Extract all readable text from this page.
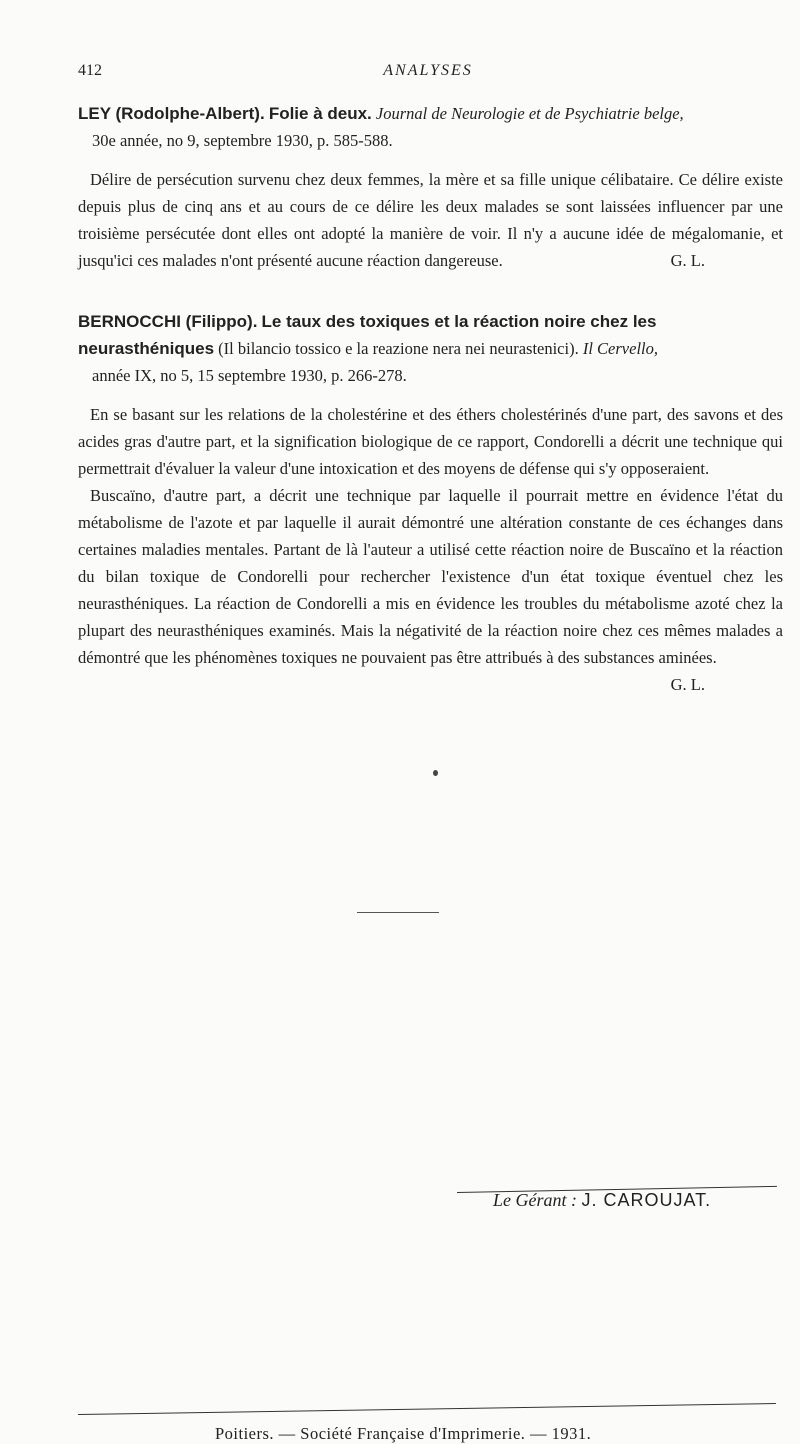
412	ANALYSES

LEY (Rodolphe-Albert). Folie à deux. Journal de Neurologie et de Psychiatrie belge,

30e année, no 9, septembre 1930, p. 585-588.

Délire de persécution survenu chez deux femmes, la mère et sa fille unique célibataire. Ce délire existe depuis plus de cinq ans et au cours de ce délire les deux malades se sont laissées influencer par une troisième persécutée dont elles ont adopté la manière de voir. Il n'y a aucune idée de mégalomanie, et jusqu'ici ces malades n'ont présenté aucune réaction dangereuse.	G. L.

BERNOCCHI (Filippo). Le taux des toxiques et la réaction noire chez les neurasthéniques (Il bilancio tossico e la reazione nera nei neurastenici). Il Cervello,

année IX, no 5, 15 septembre 1930, p. 266-278.

En se basant sur les relations de la cholestérine et des éthers cholestérinés d'une part, des savons et des acides gras d'autre part, et la signification biologique de ce rapport, Condorelli a décrit une technique qui permettrait d'évaluer la valeur d'une intoxication et des moyens de défense qui s'y opposeraient.

Buscaïno, d'autre part, a décrit une technique par laquelle il pourrait mettre en évidence l'état du métabolisme de l'azote et par laquelle il aurait démontré une altération constante de ces échanges dans certaines maladies mentales. Partant de là l'auteur a utilisé cette réaction noire de Buscaïno et la réaction du bilan toxique de Condorelli pour rechercher l'existence d'un état toxique éventuel chez les neurasthéniques. La réaction de Condorelli a mis en évidence les troubles du métabolisme azoté chez la plupart des neurasthéniques examinés. Mais la négativité de la réaction noire chez ces mêmes malades a démontré que les phénomènes toxiques ne pouvaient pas être attribués à des substances aminées.
G. L.

Le Gérant : J. CAROUJAT.
Poitiers. — Société Française d'Imprimerie. — 1931.
